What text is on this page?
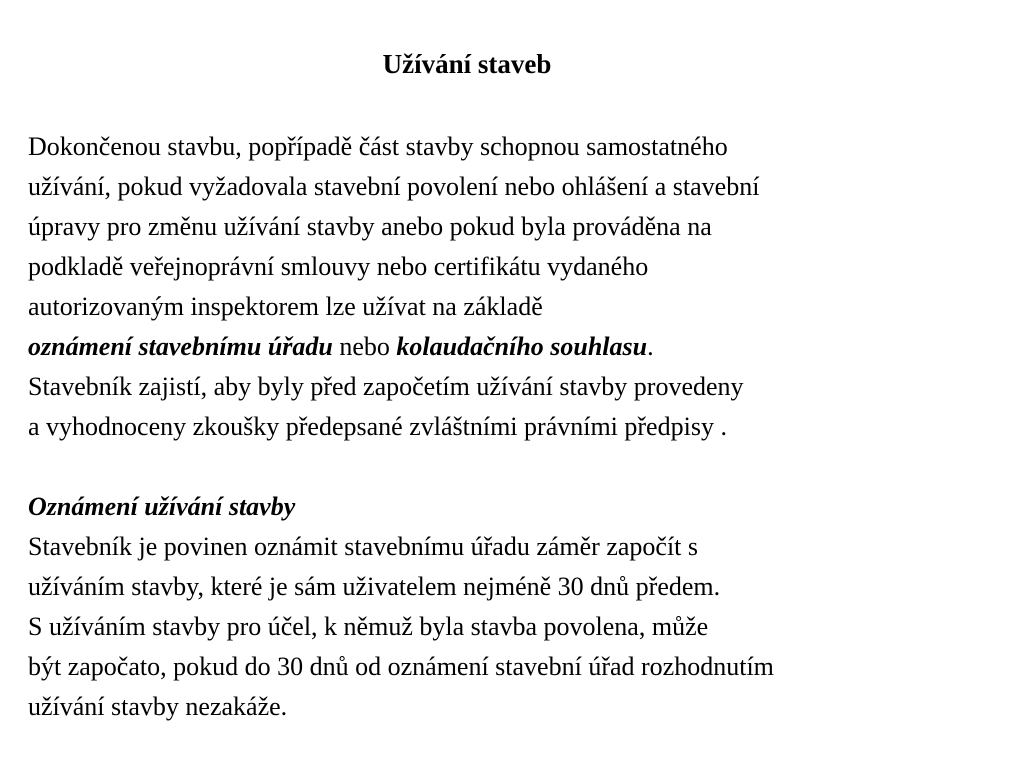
Užívání staveb
Dokončenou stavbu, popřípadě část stavby schopnou samostatného
užívání, pokud vyžadovala stavební povolení nebo ohlášení a stavební
úpravy pro změnu užívání stavby anebo pokud byla prováděna na
podkladě veřejnoprávní smlouvy nebo certifikátu vydaného
autorizovaným inspektorem lze užívat na základě
oznámení stavebnímu úřadu nebo kolaudačního souhlasu.
Stavebník zajistí, aby byly před započetím užívání stavby provedeny
a vyhodnoceny zkoušky předepsané zvláštními právními předpisy .
Oznámení užívání stavby
Stavebník je povinen oznámit stavebnímu úřadu záměr započít s
užíváním stavby, které je sám uživatelem nejméně 30 dnů předem.
S užíváním stavby pro účel, k němuž byla stavba povolena, může
být započato, pokud do 30 dnů od oznámení stavební úřad rozhodnutím
užívání stavby nezakáže.
